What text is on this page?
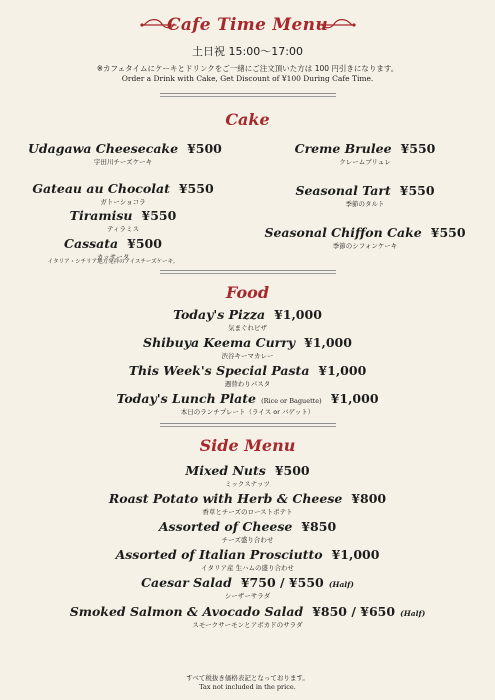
Cafe Time Menu
土日祝 15:00〜17:00
※カフェタイムにケーキとドリンクをご一緒にご注文頂いた方は 100 円引きになります。
Order a Drink with Cake, Get Discount of ¥100 During Cafe Time.
Cake
Udagawa Cheesecake ¥500
宇田川チーズケーキ
Gateau au Chocolat ¥550
ガトーショコラ
Tiramisu ¥550
ティラミス
Cassata ¥500
カッサータ
イタリア・シチリア地方発祥のアイスチーズケーキ。
Creme Brulee ¥550
クレームブリュレ
Seasonal Tart ¥550
季節のタルト
Seasonal Chiffon Cake ¥550
季節のシフォンケーキ
Food
Today's Pizza ¥1,000
気まぐれピザ
Shibuya Keema Curry ¥1,000
渋谷キーマカレー
This Week's Special Pasta ¥1,000
週替わりパスタ
Today's Lunch Plate (Rice or Baguette) ¥1,000
本日のランチプレート（ライス or バゲット）
Side Menu
Mixed Nuts ¥500
ミックスナッツ
Roast Potato with Herb & Cheese ¥800
香草とチーズのローストポテト
Assorted of Cheese ¥850
チーズ盛り合わせ
Assorted of Italian Prosciutto ¥1,000
イタリア産 生ハムの盛り合わせ
Caesar Salad ¥750 / ¥550 (Half)
シーザーサラダ
Smoked Salmon & Avocado Salad ¥850 / ¥650 (Half)
スモークサーモンとアボカドのサラダ
すべて税抜き価格表記となっております。
Tax not included in the price.
